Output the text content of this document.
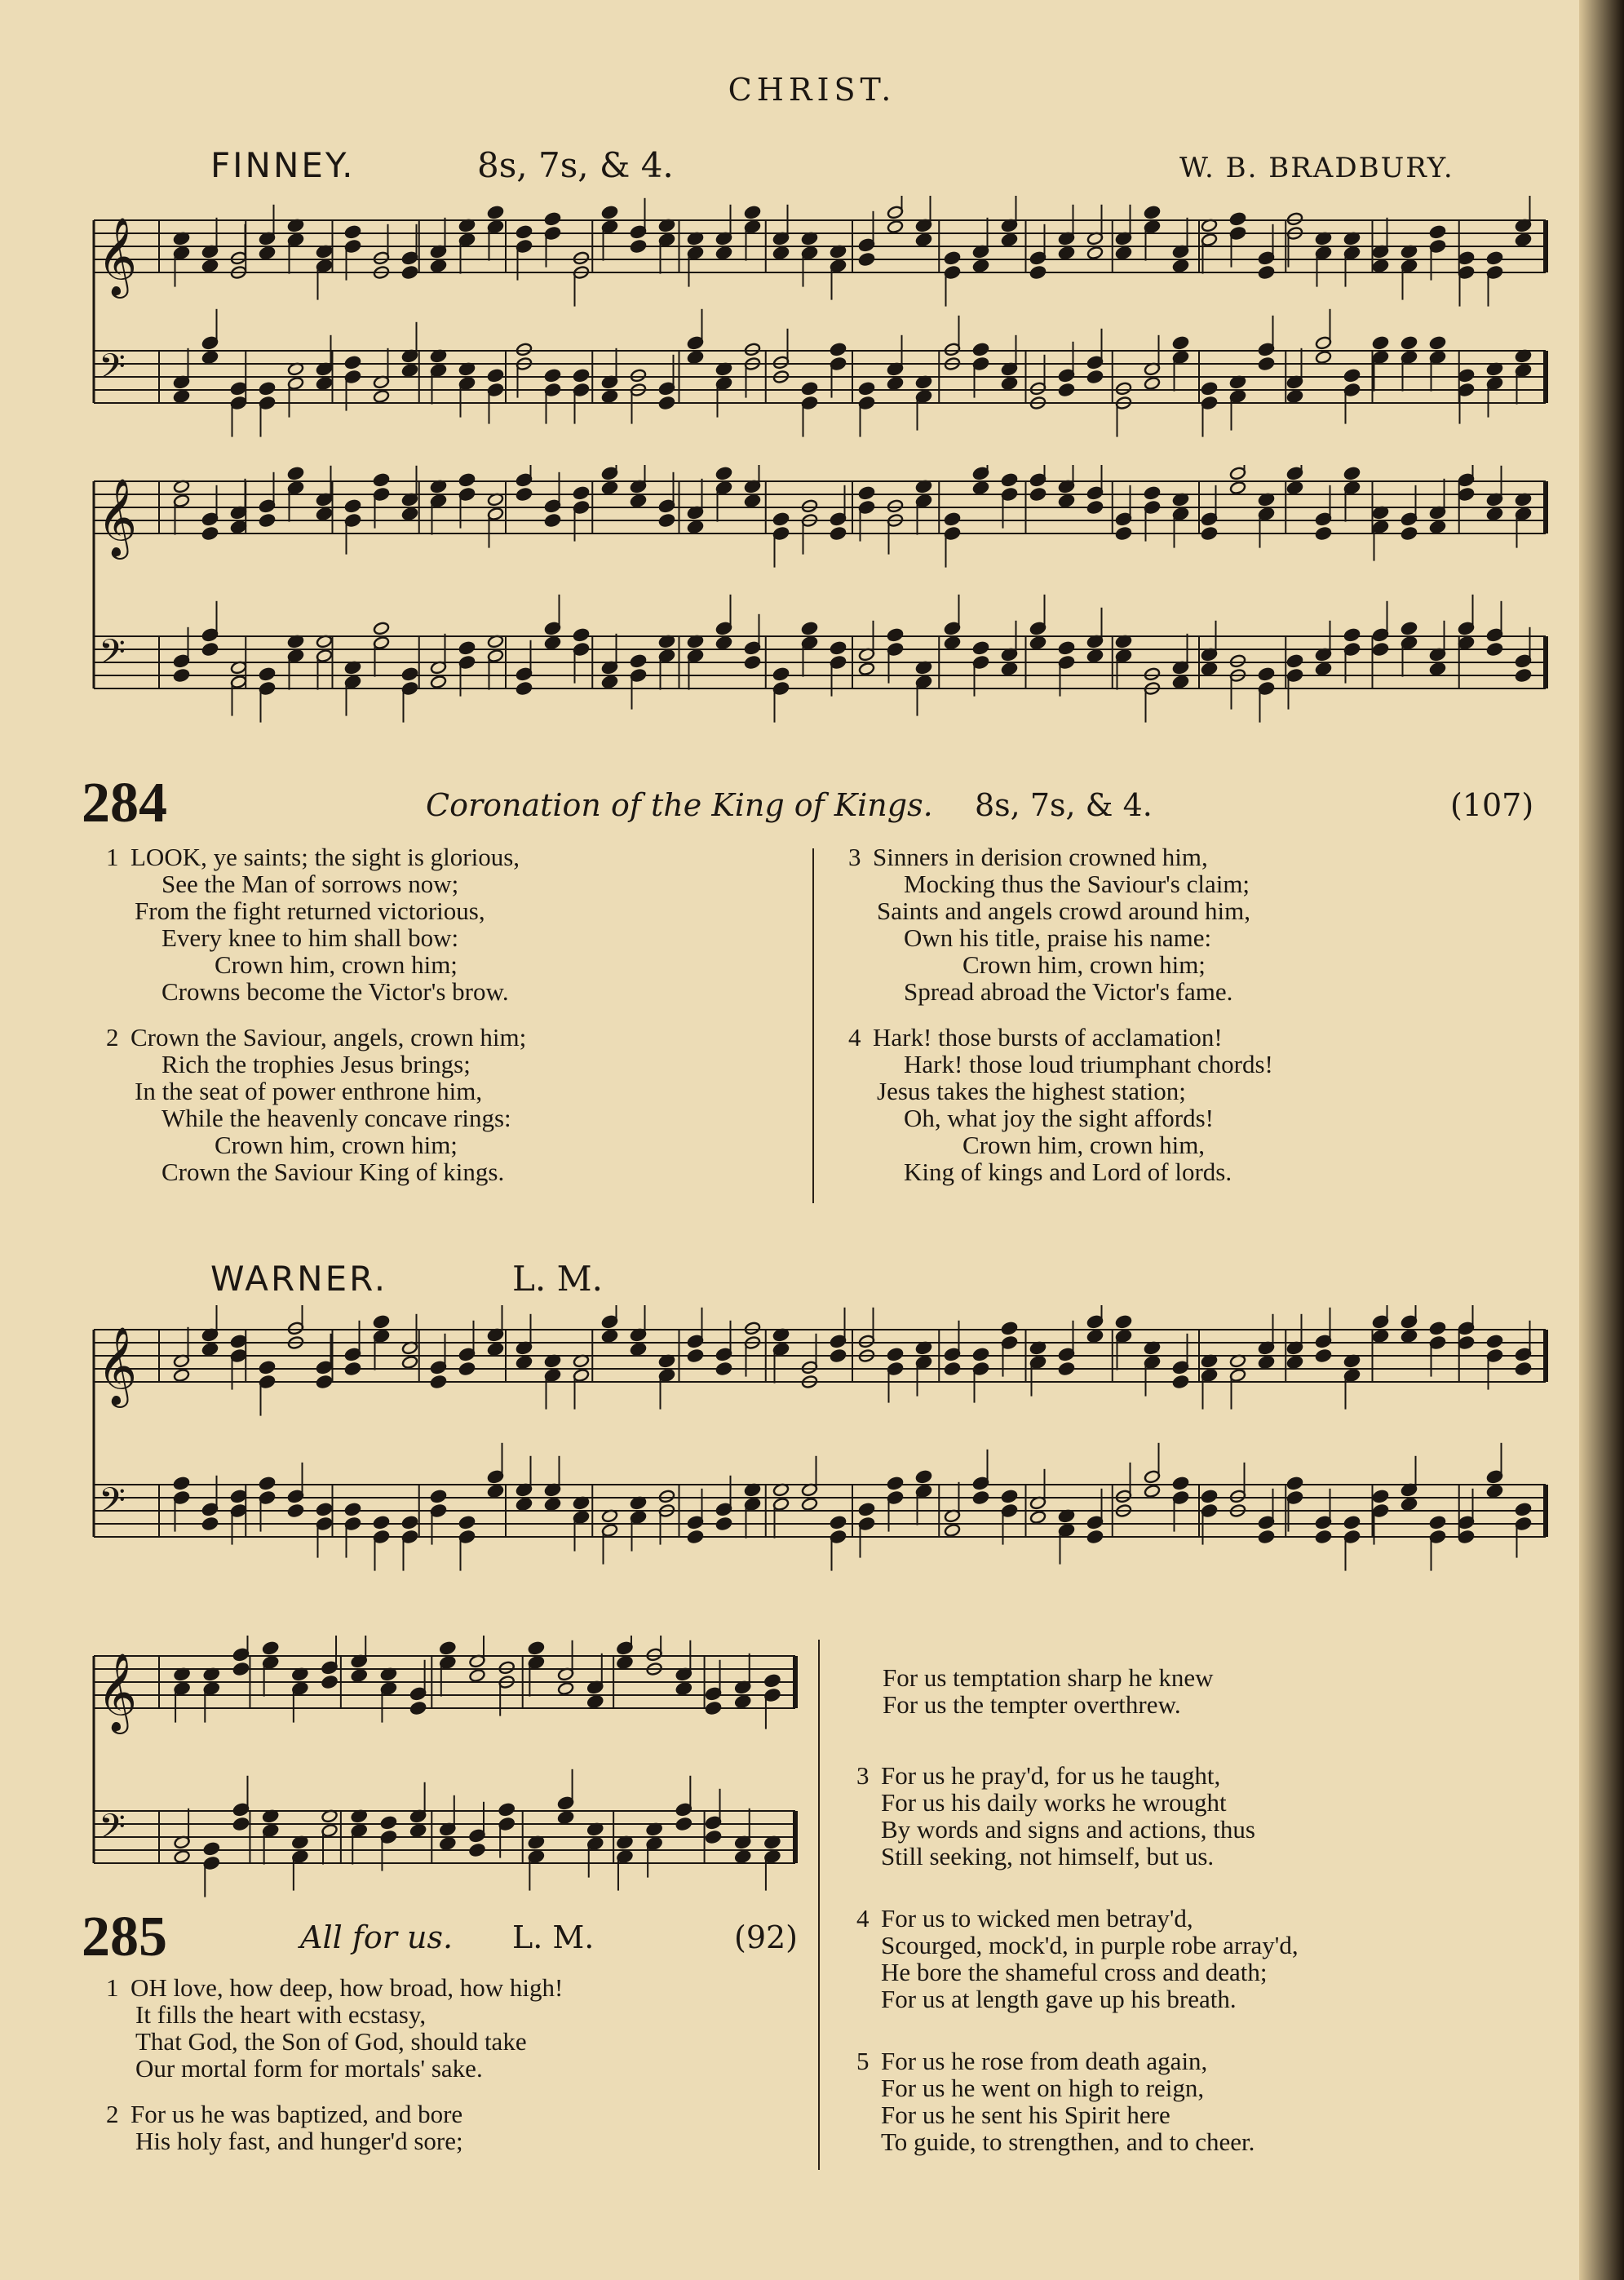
CHRIST.
FINNEY.	8s, 7s, & 4.	W. B. BRADBURY.
𝄞
𝄢
𝄞
𝄢
284	Coronation of the King of Kings. 8s, 7s, & 4.	(107)
1 LOOK, ye saints; the sight is glorious,
See the Man of sorrows now;
From the fight returned victorious,
Every knee to him shall bow:
Crown him, crown him;
Crowns become the Victor's brow.
2 Crown the Saviour, angels, crown him;
Rich the trophies Jesus brings;
In the seat of power enthrone him,
While the heavenly concave rings:
Crown him, crown him;
Crown the Saviour King of kings.
3 Sinners in derision crowned him,
Mocking thus the Saviour's claim;
Saints and angels crowd around him,
Own his title, praise his name:
Crown him, crown him;
Spread abroad the Victor's fame.
4 Hark! those bursts of acclamation!
Hark! those loud triumphant chords!
Jesus takes the highest station;
Oh, what joy the sight affords!
Crown him, crown him,
King of kings and Lord of lords.
WARNER.	L. M.
𝄞
𝄢
𝄞
𝄢
285	All for us. L. M.	(92)
1 OH love, how deep, how broad, how high!
It fills the heart with ecstasy,
That God, the Son of God, should take
Our mortal form for mortals' sake.
2 For us he was baptized, and bore
His holy fast, and hunger'd sore;
For us temptation sharp he knew
For us the tempter overthrew.
3 For us he pray'd, for us he taught,
For us his daily works he wrought
By words and signs and actions, thus
Still seeking, not himself, but us.
4 For us to wicked men betray'd,
Scourged, mock'd, in purple robe array'd,
He bore the shameful cross and death;
For us at length gave up his breath.
5 For us he rose from death again,
For us he went on high to reign,
For us he sent his Spirit here
To guide, to strengthen, and to cheer.
